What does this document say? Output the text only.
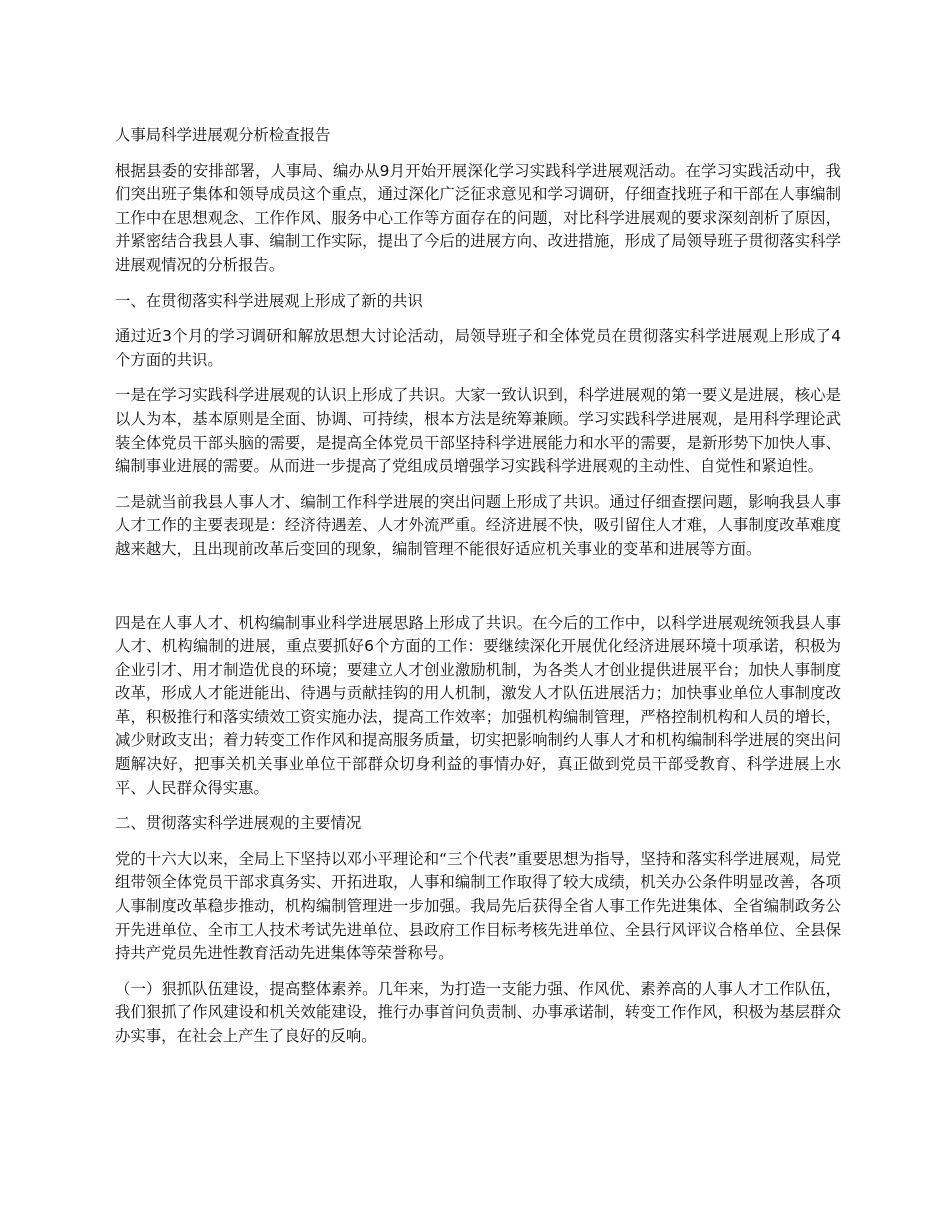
人事局科学进展观分析检查报告
根据县委的安排部署，人事局、编办从9月开始开展深化学习实践科学进展观活动。在学习实践活动中，我们突出班子集体和领导成员这个重点，通过深化广泛征求意见和学习调研，仔细查找班子和干部在人事编制工作中在思想观念、工作作风、服务中心工作等方面存在的问题，对比科学进展观的要求深刻剖析了原因，并紧密结合我县人事、编制工作实际，提出了今后的进展方向、改进措施，形成了局领导班子贯彻落实科学进展观情况的分析报告。
一、在贯彻落实科学进展观上形成了新的共识
通过近3个月的学习调研和解放思想大讨论活动，局领导班子和全体党员在贯彻落实科学进展观上形成了4个方面的共识。
一是在学习实践科学进展观的认识上形成了共识。大家一致认识到，科学进展观的第一要义是进展，核心是以人为本，基本原则是全面、协调、可持续，根本方法是统筹兼顾。学习实践科学进展观，是用科学理论武装全体党员干部头脑的需要，是提高全体党员干部坚持科学进展能力和水平的需要，是新形势下加快人事、编制事业进展的需要。从而进一步提高了党组成员增强学习实践科学进展观的主动性、自觉性和紧迫性。
二是就当前我县人事人才、编制工作科学进展的突出问题上形成了共识。通过仔细查摆问题，影响我县人事人才工作的主要表现是：经济待遇差、人才外流严重。经济进展不快，吸引留住人才难，人事制度改革难度越来越大，且出现前改革后变回的现象，编制管理不能很好适应机关事业的变革和进展等方面。
四是在人事人才、机构编制事业科学进展思路上形成了共识。在今后的工作中，以科学进展观统领我县人事人才、机构编制的进展，重点要抓好6个方面的工作：要继续深化开展优化经济进展环境十项承诺，积极为企业引才、用才制造优良的环境；要建立人才创业激励机制，为各类人才创业提供进展平台；加快人事制度改革，形成人才能进能出、待遇与贡献挂钩的用人机制，激发人才队伍进展活力；加快事业单位人事制度改革，积极推行和落实绩效工资实施办法，提高工作效率；加强机构编制管理，严格控制机构和人员的增长，减少财政支出；着力转变工作作风和提高服务质量，切实把影响制约人事人才和机构编制科学进展的突出问题解决好，把事关机关事业单位干部群众切身利益的事情办好，真正做到党员干部受教育、科学进展上水平、人民群众得实惠。
二、贯彻落实科学进展观的主要情况
党的十六大以来，全局上下坚持以邓小平理论和“三个代表”重要思想为指导，坚持和落实科学进展观，局党组带领全体党员干部求真务实、开拓进取，人事和编制工作取得了较大成绩，机关办公条件明显改善，各项人事制度改革稳步推动，机构编制管理进一步加强。我局先后获得全省人事工作先进集体、全省编制政务公开先进单位、全市工人技术考试先进单位、县政府工作目标考核先进单位、全县行风评议合格单位、全县保持共产党员先进性教育活动先进集体等荣誉称号。
（一）狠抓队伍建设，提高整体素养。几年来，为打造一支能力强、作风优、素养高的人事人才工作队伍，我们狠抓了作风建设和机关效能建设，推行办事首问负责制、办事承诺制，转变工作作风，积极为基层群众办实事，在社会上产生了良好的反响。
